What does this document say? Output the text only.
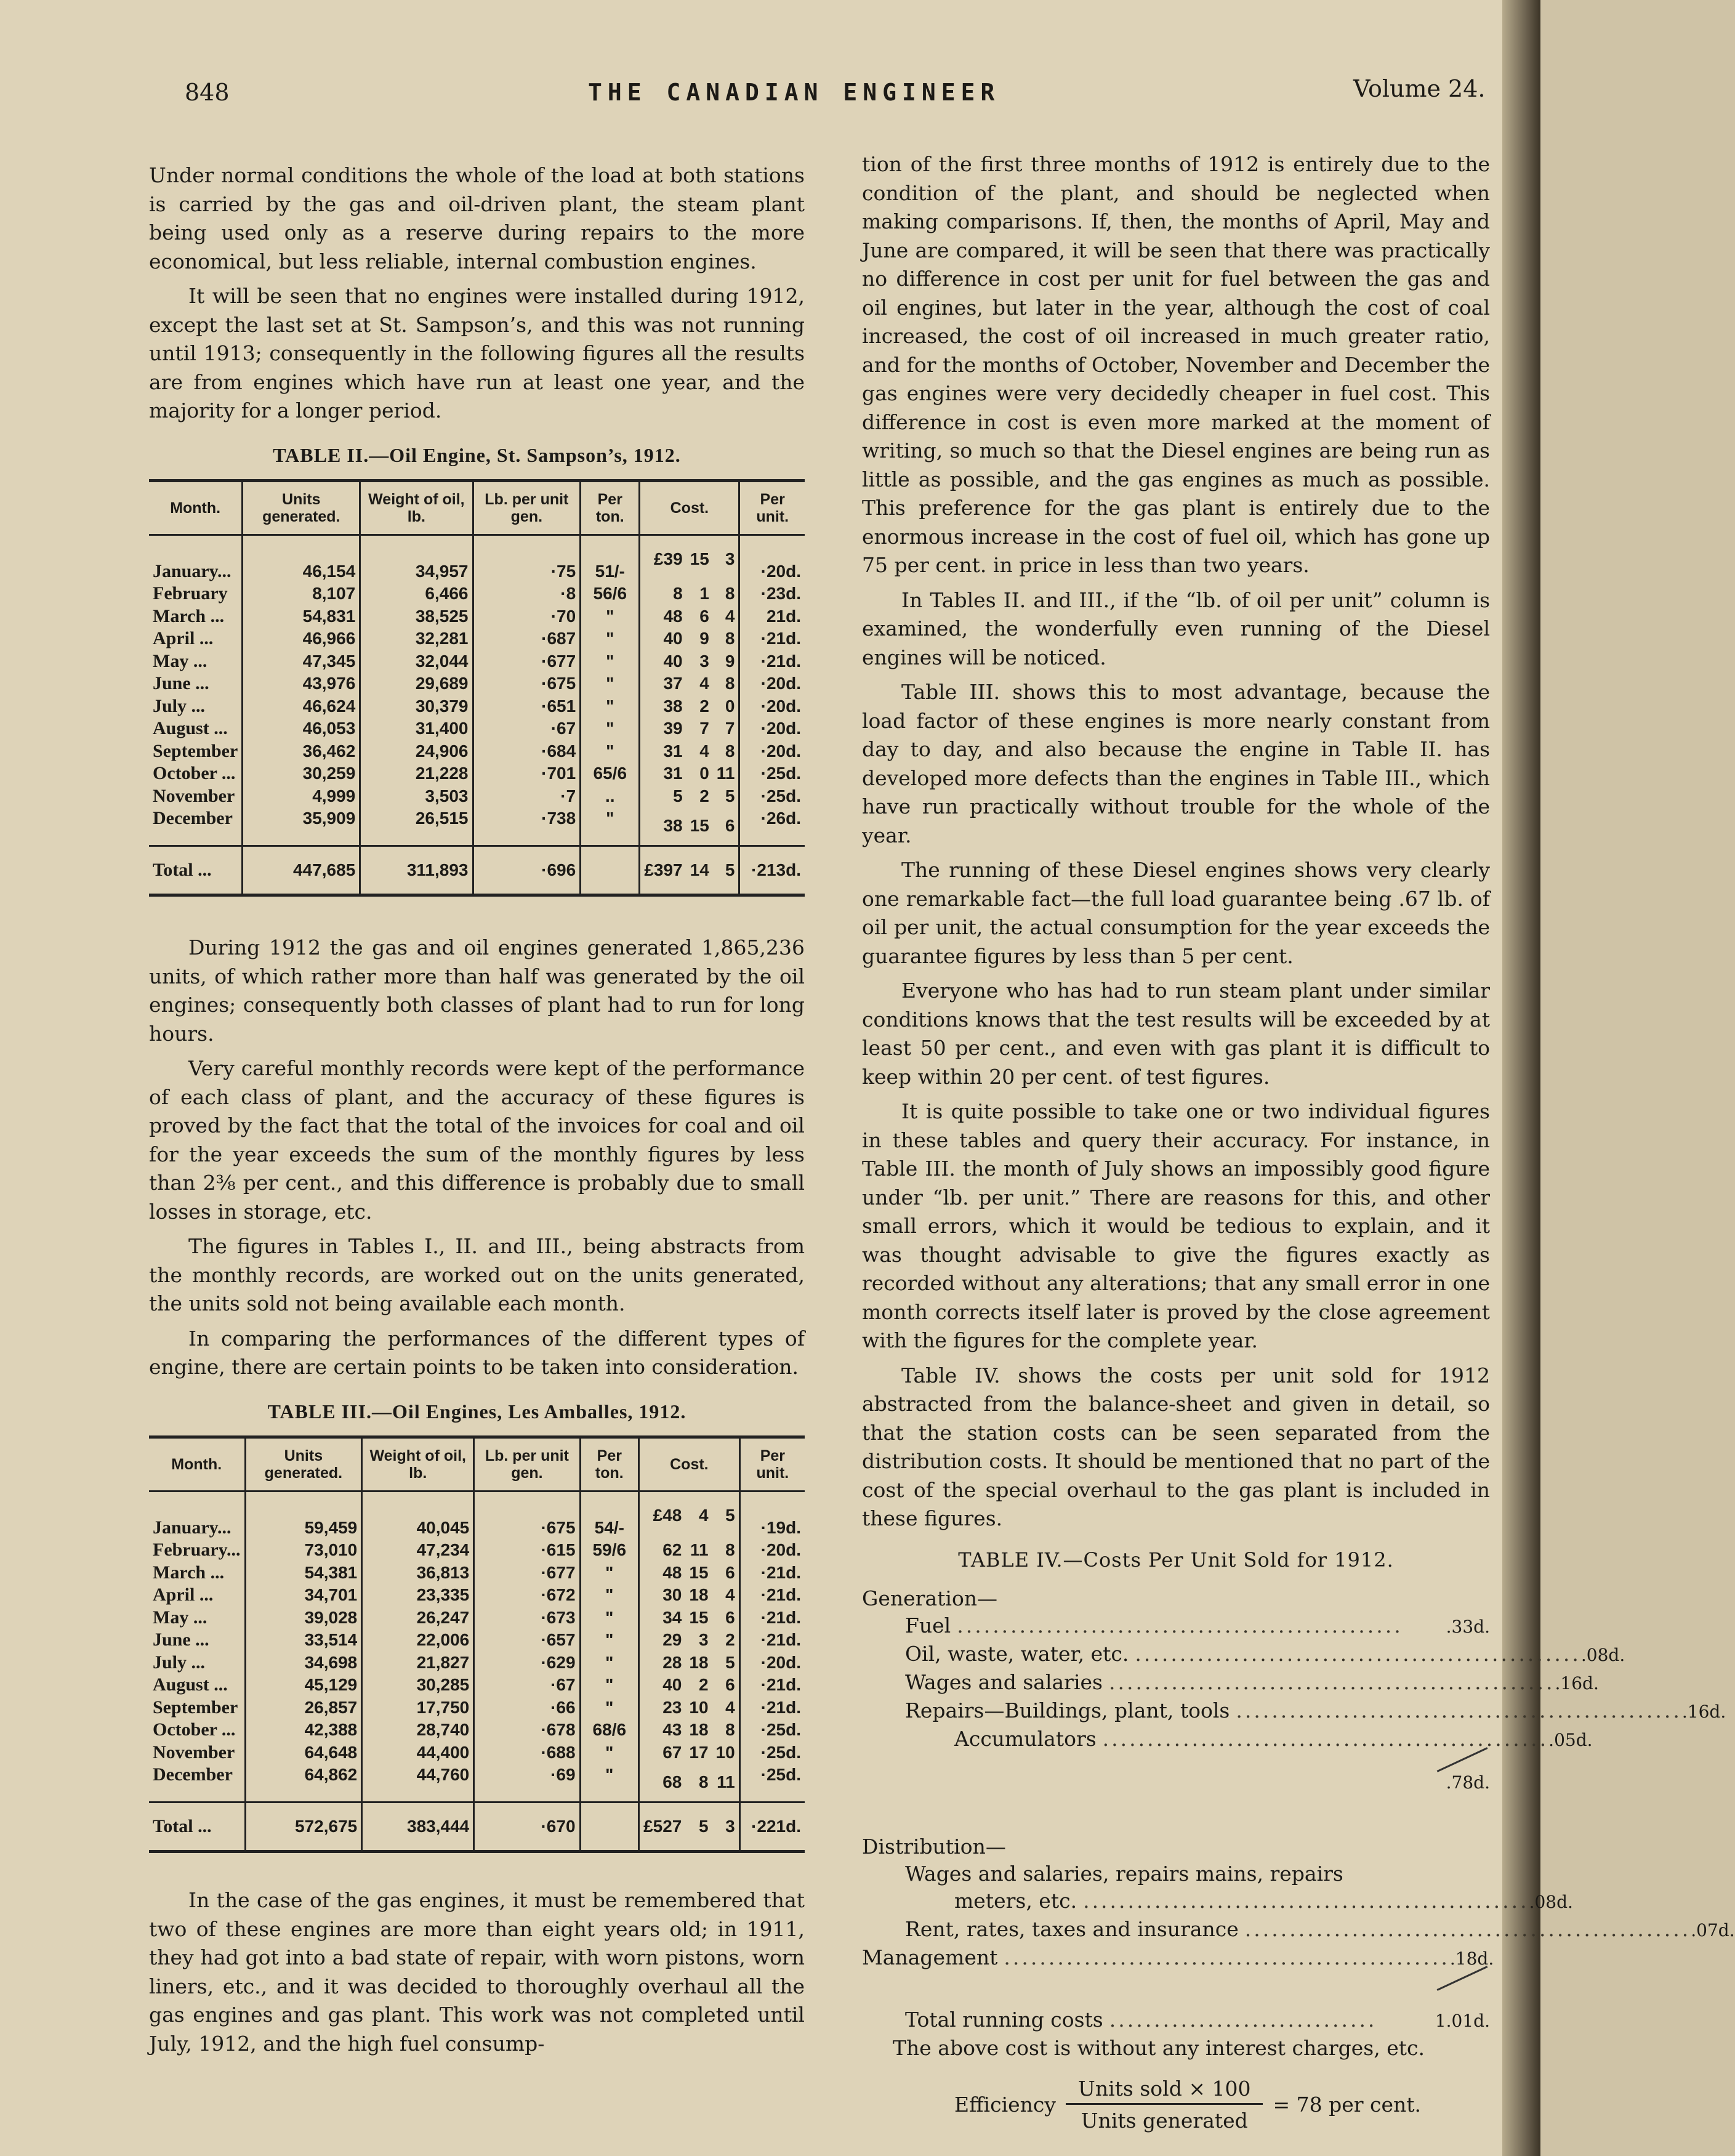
848	THE CANADIAN ENGINEER	Volume 24.

Under normal conditions the whole of the load at both stations is carried by the gas and oil-driven plant, the steam plant being used only as a reserve during repairs to the more economical, but less reliable, internal combustion engines.

It will be seen that no engines were installed during 1912, except the last set at St. Sampson’s, and this was not running until 1913; consequently in the following figures all the results are from engines which have run at least one year, and the majority for a longer period.

TABLE II.—Oil Engine, St. Sampson’s, 1912.
Month.	Units generated.	Weight of oil, lb.	Lb. per unit gen.	Per ton.	Cost.			Per unit.
January...	46,154	34,957	·75	51/-	£39	15	3	·20d.
February	8,107	6,466	·8	56/6	8	1	8	·23d.
March ...	54,831	38,525	·70	"	48	6	4	21d.
April ...	46,966	32,281	·687	"	40	9	8	·21d.
May ...	47,345	32,044	·677	"	40	3	9	·21d.
June ...	43,976	29,689	·675	"	37	4	8	·20d.
July ...	46,624	30,379	·651	"	38	2	0	·20d.
August ...	46,053	31,400	·67	"	39	7	7	·20d.
September	36,462	24,906	·684	"	31	4	8	·20d.
October ...	30,259	21,228	·701	65/6	31	0	11	·25d.
November	4,999	3,503	·7	..	5	2	5	·25d.
December	35,909	26,515	·738	"	38	15	6	·26d.
Total ...	447,685	311,893	·696		£397	14	5	·213d.

During 1912 the gas and oil engines generated 1,865,236 units, of which rather more than half was generated by the oil engines; consequently both classes of plant had to run for long hours.

Very careful monthly records were kept of the performance of each class of plant, and the accuracy of these figures is proved by the fact that the total of the invoices for coal and oil for the year exceeds the sum of the monthly figures by less than 2⅜ per cent., and this difference is probably due to small losses in storage, etc.

The figures in Tables I., II. and III., being abstracts from the monthly records, are worked out on the units generated, the units sold not being available each month.

In comparing the performances of the different types of engine, there are certain points to be taken into consideration.

TABLE III.—Oil Engines, Les Amballes, 1912.
Month.	Units generated.	Weight of oil, lb.	Lb. per unit gen.	Per ton.	Cost.			Per unit.
January...	59,459	40,045	·675	54/-	£48	4	5	·19d.
February...	73,010	47,234	·615	59/6	62	11	8	·20d.
March ...	54,381	36,813	·677	"	48	15	6	·21d.
April ...	34,701	23,335	·672	"	30	18	4	·21d.
May ...	39,028	26,247	·673	"	34	15	6	·21d.
June ...	33,514	22,006	·657	"	29	3	2	·21d.
July ...	34,698	21,827	·629	"	28	18	5	·20d.
August ...	45,129	30,285	·67	"	40	2	6	·21d.
September	26,857	17,750	·66	"	23	10	4	·21d.
October ...	42,388	28,740	·678	68/6	43	18	8	·25d.
November	64,648	44,400	·688	"	67	17	10	·25d.
December	64,862	44,760	·69	"	68	8	11	·25d.
Total ...	572,675	383,444	·670		£527	5	3	·221d.

In the case of the gas engines, it must be remembered that two of these engines are more than eight years old; in 1911, they had got into a bad state of repair, with worn pistons, worn liners, etc., and it was decided to thoroughly overhaul all the gas engines and gas plant. This work was not completed until July, 1912, and the high fuel consump-

tion of the first three months of 1912 is entirely due to the condition of the plant, and should be neglected when making comparisons. If, then, the months of April, May and June are compared, it will be seen that there was practically no difference in cost per unit for fuel between the gas and oil engines, but later in the year, although the cost of coal increased, the cost of oil increased in much greater ratio, and for the months of October, November and December the gas engines were very decidedly cheaper in fuel cost. This difference in cost is even more marked at the moment of writing, so much so that the Diesel engines are being run as little as possible, and the gas engines as much as possible. This preference for the gas plant is entirely due to the enormous increase in the cost of fuel oil, which has gone up 75 per cent. in price in less than two years.

In Tables II. and III., if the “lb. of oil per unit” column is examined, the wonderfully even running of the Diesel engines will be noticed.

Table III. shows this to most advantage, because the load factor of these engines is more nearly constant from day to day, and also because the engine in Table II. has developed more defects than the engines in Table III., which have run practically without trouble for the whole of the year.

The running of these Diesel engines shows very clearly one remarkable fact—the full load guarantee being .67 lb. of oil per unit, the actual consumption for the year exceeds the guarantee figures by less than 5 per cent.

Everyone who has had to run steam plant under similar conditions knows that the test results will be exceeded by at least 50 per cent., and even with gas plant it is difficult to keep within 20 per cent. of test figures.

It is quite possible to take one or two individual figures in these tables and query their accuracy. For instance, in Table III. the month of July shows an impossibly good figure under “lb. per unit.” There are reasons for this, and other small errors, which it would be tedious to explain, and it was thought advisable to give the figures exactly as recorded without any alterations; that any small error in one month corrects itself later is proved by the close agreement with the figures for the complete year.

Table IV. shows the costs per unit sold for 1912 abstracted from the balance-sheet and given in detail, so that the station costs can be seen separated from the distribution costs. It should be mentioned that no part of the cost of the special overhaul to the gas plant is included in these figures.

TABLE IV.—Costs Per Unit Sold for 1912.
Generation—
Fuel ..................................................	.33d.
Oil, waste, water, etc. .................................................. .08d.
Wages and salaries .................................................. .16d.
Repairs—Buildings, plant, tools .................................................. .16d.
Accumulators .................................................. .05d.
.78d.
Distribution—
Wages and salaries, repairs mains, repairs
meters, etc. .................................................. .08d.
Rent, rates, taxes and insurance .................................................. .07d.
Management .................................................. .18d.
Total running costs ..............................	1.01d.
The above cost is without any interest charges, etc.
Efficiency $\frac{\text{Units sold × 100}}{\text{Units generated}} = 78$ per cent.
